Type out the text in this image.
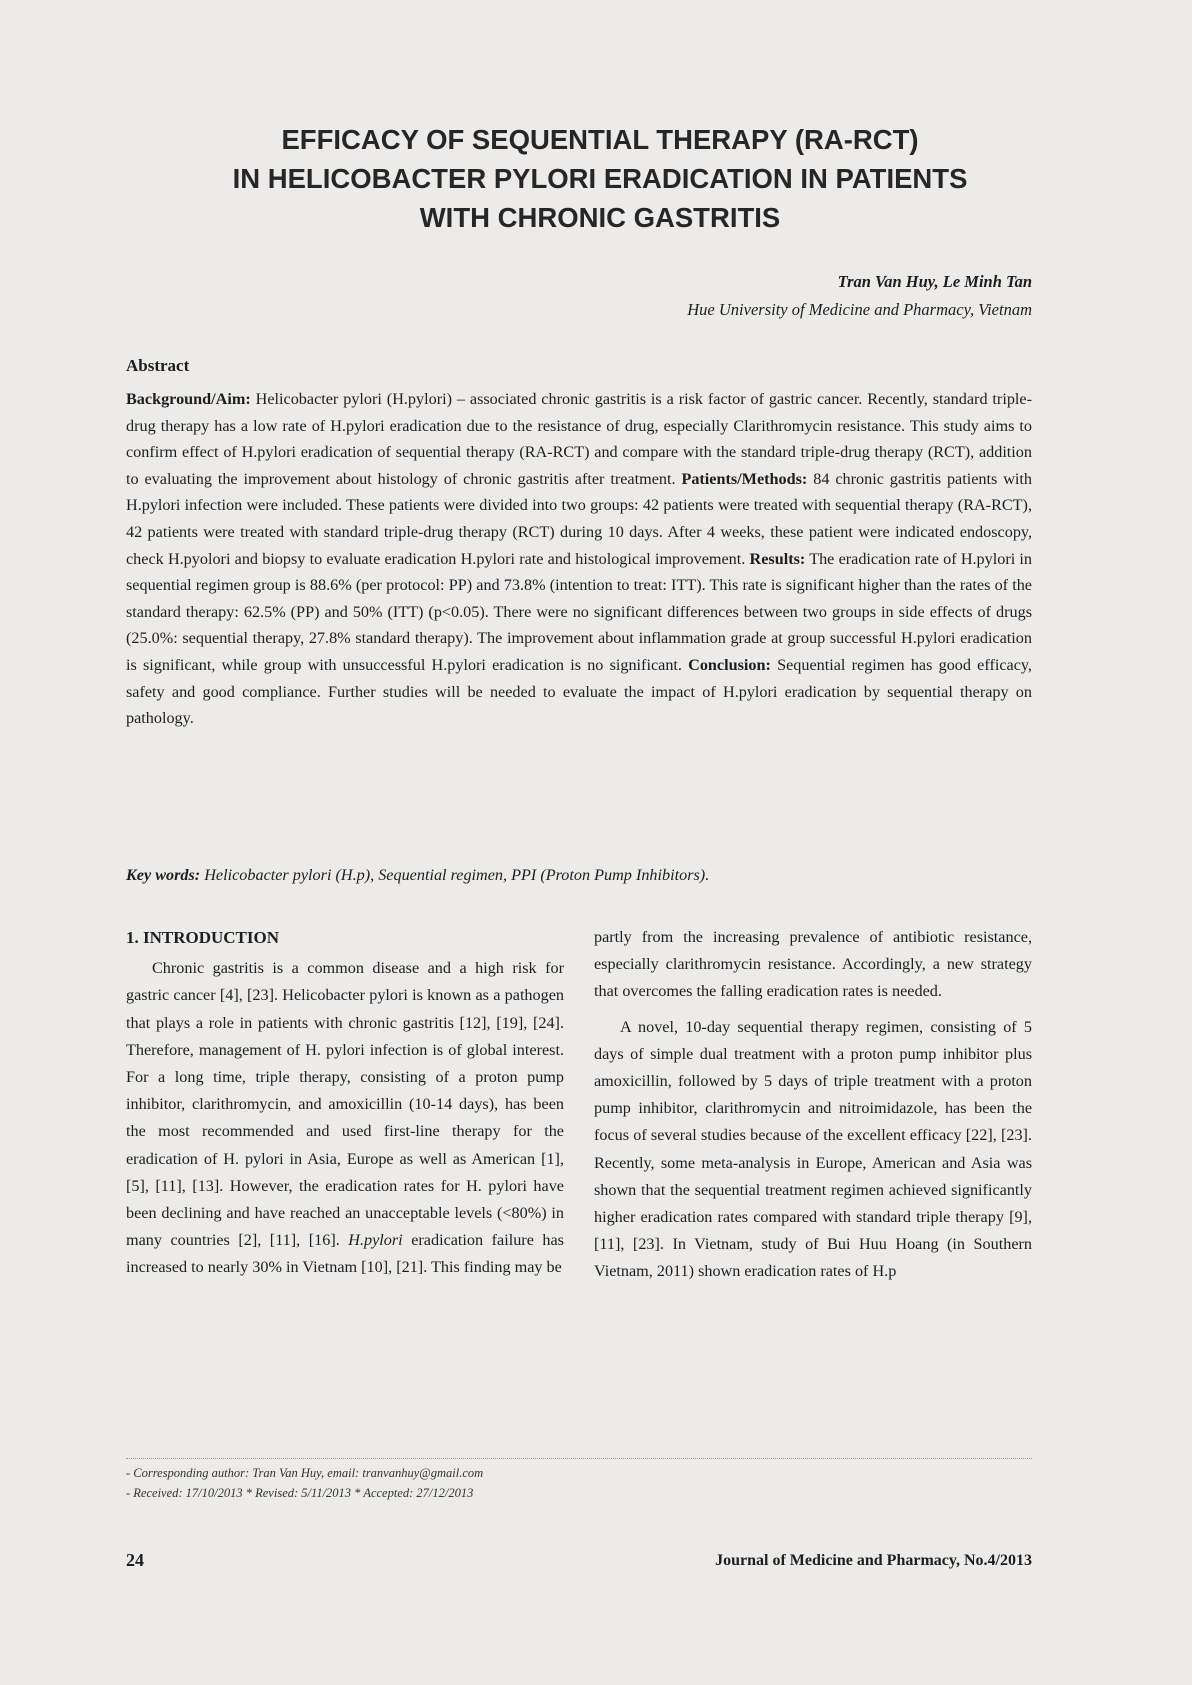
EFFICACY OF SEQUENTIAL THERAPY (RA-RCT)
IN HELICOBACTER PYLORI ERADICATION IN PATIENTS
WITH CHRONIC GASTRITIS
Tran Van Huy, Le Minh Tan
Hue University of Medicine and Pharmacy, Vietnam
Abstract

Background/Aim: Helicobacter pylori (H.pylori) – associated chronic gastritis is a risk factor of gastric cancer. Recently, standard triple-drug therapy has a low rate of H.pylori eradication due to the resistance of drug, especially Clarithromycin resistance. This study aims to confirm effect of H.pylori eradication of sequential therapy (RA-RCT) and compare with the standard triple-drug therapy (RCT), addition to evaluating the improvement about histology of chronic gastritis after treatment. Patients/Methods: 84 chronic gastritis patients with H.pylori infection were included. These patients were divided into two groups: 42 patients were treated with sequential therapy (RA-RCT), 42 patients were treated with standard triple-drug therapy (RCT) during 10 days. After 4 weeks, these patient were indicated endoscopy, check H.pyolori and biopsy to evaluate eradication H.pylori rate and histological improvement. Results: The eradication rate of H.pylori in sequential regimen group is 88.6% (per protocol: PP) and 73.8% (intention to treat: ITT). This rate is significant higher than the rates of the standard therapy: 62.5% (PP) and 50% (ITT) (p<0.05). There were no significant differences between two groups in side effects of drugs (25.0%: sequential therapy, 27.8% standard therapy). The improvement about inflammation grade at group successful H.pylori eradication is significant, while group with unsuccessful H.pylori eradication is no significant. Conclusion: Sequential regimen has good efficacy, safety and good compliance. Further studies will be needed to evaluate the impact of H.pylori eradication by sequential therapy on pathology.

Key words: Helicobacter pylori (H.p), Sequential regimen, PPI (Proton Pump Inhibitors).
1. INTRODUCTION

Chronic gastritis is a common disease and a high risk for gastric cancer [4], [23]. Helicobacter pylori is known as a pathogen that plays a role in patients with chronic gastritis [12], [19], [24]. Therefore, management of H. pylori infection is of global interest. For a long time, triple therapy, consisting of a proton pump inhibitor, clarithromycin, and amoxicillin (10-14 days), has been the most recommended and used first-line therapy for the eradication of H. pylori in Asia, Europe as well as American [1], [5], [11], [13]. However, the eradication rates for H. pylori have been declining and have reached an unacceptable levels (<80%) in many countries [2], [11], [16]. H.pylori eradication failure has increased to nearly 30% in Vietnam [10], [21]. This finding may be

partly from the increasing prevalence of antibiotic resistance, especially clarithromycin resistance. Accordingly, a new strategy that overcomes the falling eradication rates is needed.

A novel, 10-day sequential therapy regimen, consisting of 5 days of simple dual treatment with a proton pump inhibitor plus amoxicillin, followed by 5 days of triple treatment with a proton pump inhibitor, clarithromycin and nitroimidazole, has been the focus of several studies because of the excellent efficacy [22], [23]. Recently, some meta-analysis in Europe, American and Asia was shown that the sequential treatment regimen achieved significantly higher eradication rates compared with standard triple therapy [9], [11], [23]. In Vietnam, study of Bui Huu Hoang (in Southern Vietnam, 2011) shown eradication rates of H.p

- Corresponding author: Tran Van Huy, email: tranvanhuy@gmail.com
- Received: 17/10/2013 * Revised: 5/11/2013 * Accepted: 27/12/2013
24	Journal of Medicine and Pharmacy, No.4/2013
